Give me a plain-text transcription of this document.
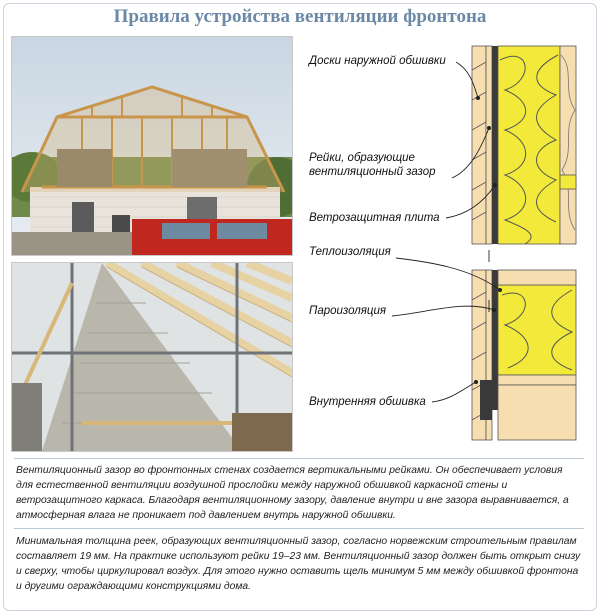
Правила устройства вентиляции фронтона
Доски наружной обшивки
Рейки, образующие вентиляционный зазор
Ветрозащитная плита
Теплоизоляция
Пароизоляция
Внутренняя обшивка
Вентиляционный зазор во фронтонных стенах создается вертикальными рейками. Он обеспечивает условия для естественной вентиляции воздушной прослойки между наружной обшивкой каркасной стены и ветрозащитного каркаса. Благодаря вентиляционному зазору, давление внутри и вне зазора выравнивается, а атмосферная влага не проникает под давлением внутрь наружной обшивки.
Минимальная толщина реек, образующих вентиляционный зазор, согласно норвежским строительным правилам составляет 19 мм. На практике используют рейки 19–23 мм. Вентиляционный зазор должен быть открыт снизу и сверху, чтобы циркулировал воздух. Для этого нужно оставить щель минимум 5 мм между обшивкой фронтона и другими ограждающими конструкциями дома.
